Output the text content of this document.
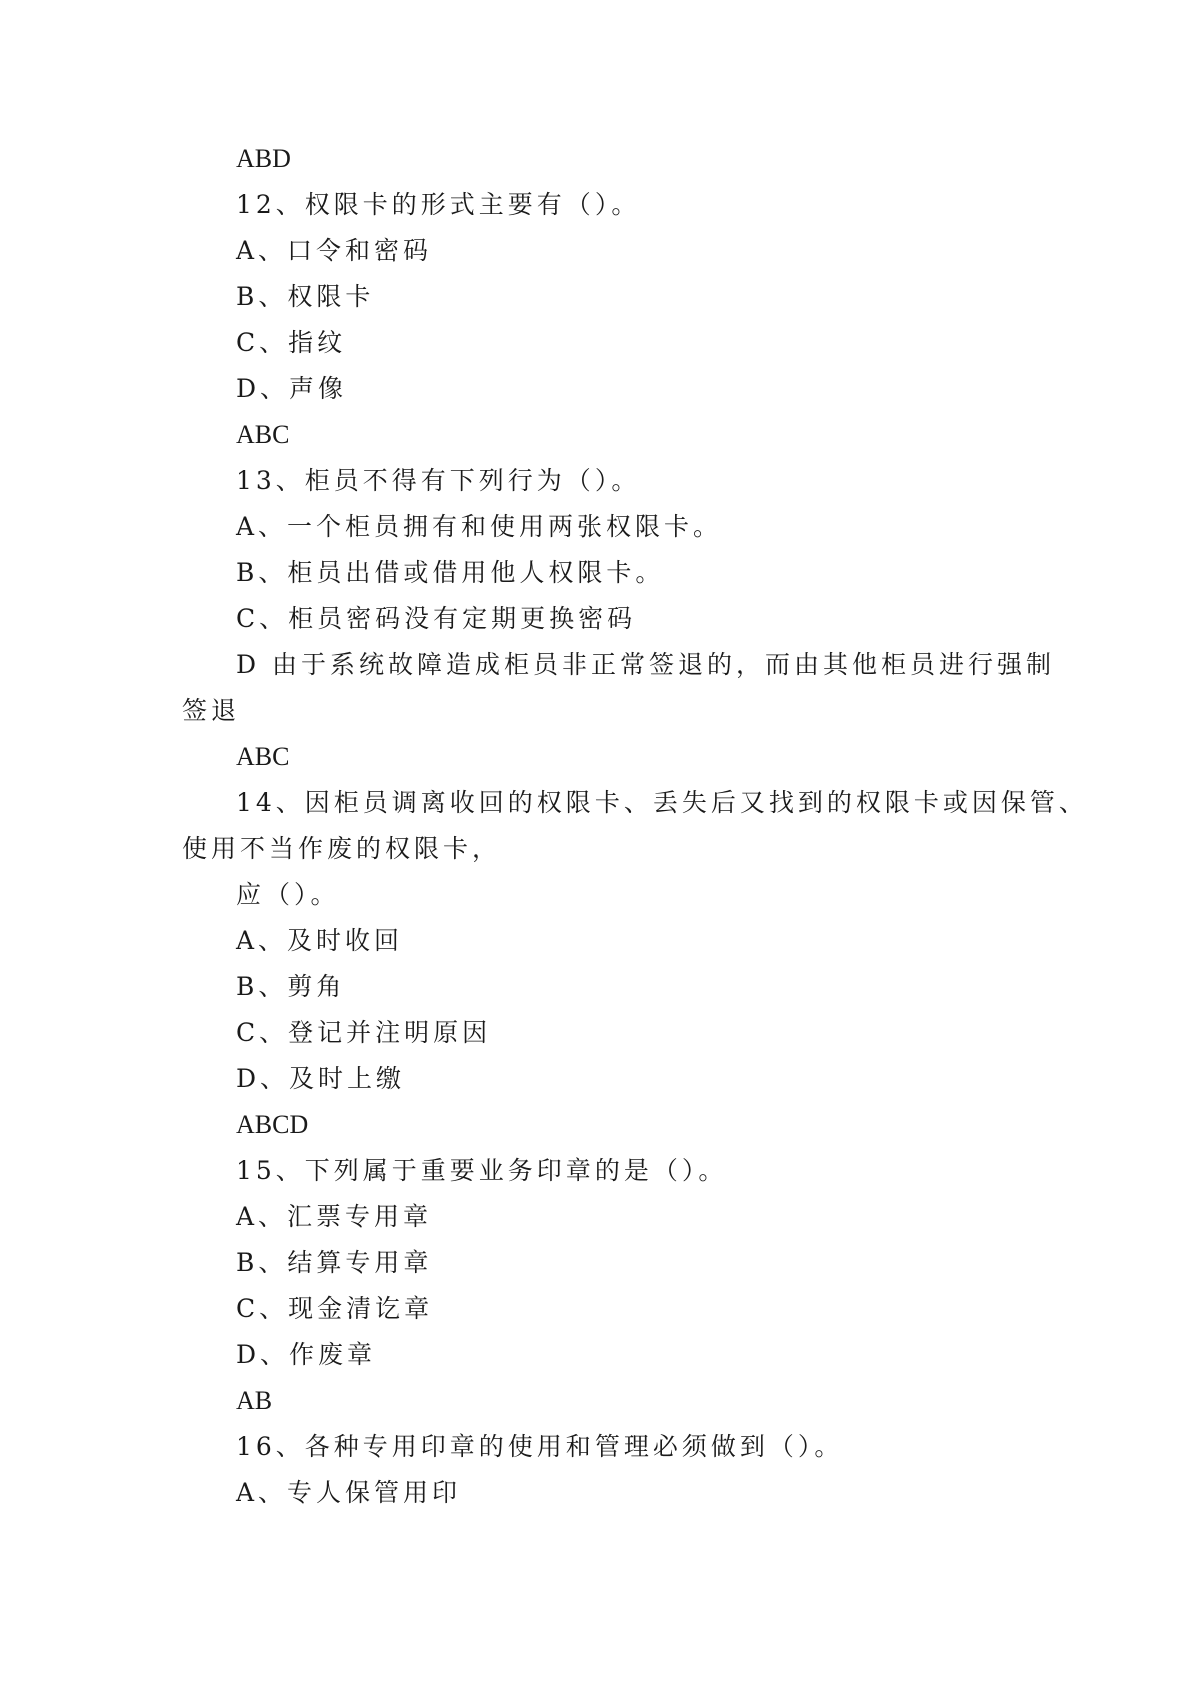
ABD
12、权限卡的形式主要有（）。
A、口令和密码
B、权限卡
C、指纹
D、声像
ABC
13、柜员不得有下列行为（）。
A、一个柜员拥有和使用两张权限卡。
B、柜员出借或借用他人权限卡。
C、柜员密码没有定期更换密码
D 由于系统故障造成柜员非正常签退的，而由其他柜员进行强制
签退
ABC
14、因柜员调离收回的权限卡、丢失后又找到的权限卡或因保管、
使用不当作废的权限卡，
应（）。
A、及时收回
B、剪角
C、登记并注明原因
D、及时上缴
ABCD
15、下列属于重要业务印章的是（）。
A、汇票专用章
B、结算专用章
C、现金清讫章
D、作废章
AB
16、各种专用印章的使用和管理必须做到（）。
A、专人保管用印
